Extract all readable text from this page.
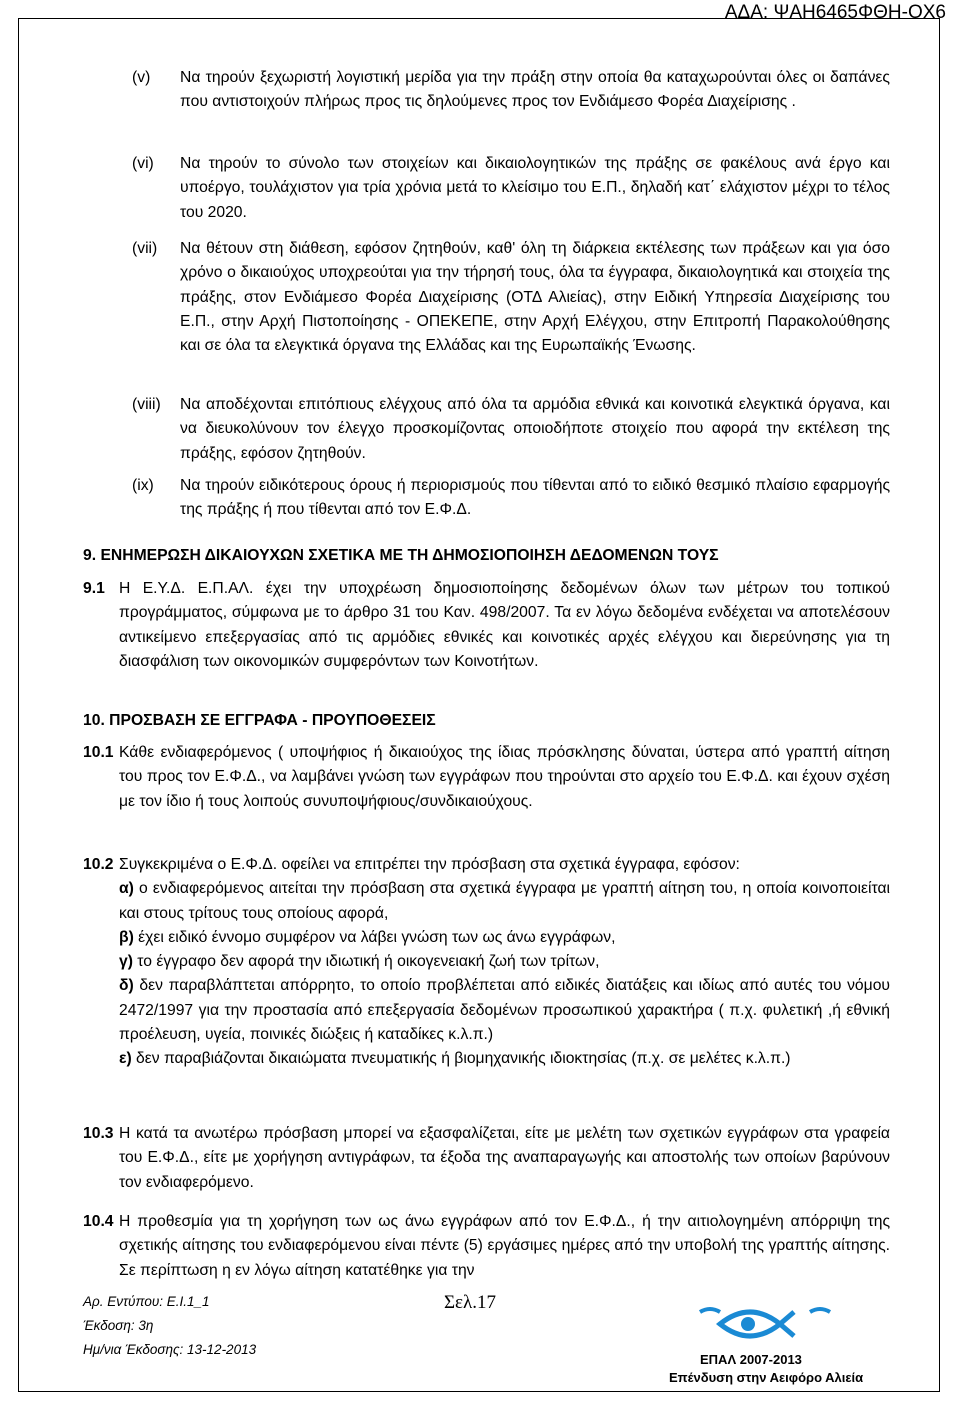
ΑΔΑ: ΨΑΗ6465ΦΘΗ-ΟΧ6

(v)	Να τηρούν ξεχωριστή λογιστική μερίδα για την πράξη στην οποία θα καταχωρούνται όλες οι δαπάνες που αντιστοιχούν πλήρως προς τις δηλούμενες προς τον Ενδιάμεσο Φορέα Διαχείρισης .

(vi)	Να τηρούν το σύνολο των στοιχείων και δικαιολογητικών της πράξης σε φακέλους ανά έργο και υποέργο, τουλάχιστον για τρία χρόνια μετά το κλείσιμο του Ε.Π., δηλαδή κατ΄ ελάχιστον μέχρι το τέλος του 2020.

(vii)	Να θέτουν στη διάθεση, εφόσον ζητηθούν, καθ' όλη τη διάρκεια εκτέλεσης των πράξεων και για όσο χρόνο ο δικαιούχος υποχρεούται για την τήρησή τους, όλα τα έγγραφα, δικαιολογητικά και στοιχεία της πράξης, στον Ενδιάμεσο Φορέα Διαχείρισης (ΟΤΔ Αλιείας), στην Ειδική Υπηρεσία Διαχείρισης του Ε.Π., στην Αρχή Πιστοποίησης - ΟΠΕΚΕΠΕ, στην Αρχή Ελέγχου, στην Επιτροπή Παρακολούθησης και σε όλα τα ελεγκτικά όργανα της Ελλάδας και της Ευρωπαϊκής Ένωσης.

(viii)	Να αποδέχονται επιτόπιους ελέγχους από όλα τα αρμόδια εθνικά και κοινοτικά ελεγκτικά όργανα, και να διευκολύνουν τον έλεγχο προσκομίζοντας οποιοδήποτε στοιχείο που αφορά την εκτέλεση της πράξης, εφόσον ζητηθούν.

(ix)	Να τηρούν ειδικότερους όρους ή περιορισμούς που τίθενται από το ειδικό θεσμικό πλαίσιο εφαρμογής της πράξης ή που τίθενται από τον Ε.Φ.Δ.

9. ΕΝΗΜΕΡΩΣΗ ΔΙΚΑΙΟΥΧΩΝ ΣΧΕΤΙΚΑ ΜΕ ΤΗ ΔΗΜΟΣΙΟΠΟΙΗΣΗ ΔΕΔΟΜΕΝΩΝ ΤΟΥΣ

9.1 Η Ε.Υ.Δ. Ε.Π.ΑΛ. έχει την υποχρέωση δημοσιοποίησης δεδομένων όλων των μέτρων του τοπικού προγράμματος, σύμφωνα με το άρθρο 31 του Καν. 498/2007. Τα εν λόγω δεδομένα ενδέχεται να αποτελέσουν αντικείμενο επεξεργασίας από τις αρμόδιες εθνικές και κοινοτικές αρχές ελέγχου και διερεύνησης για τη διασφάλιση των οικονομικών συμφερόντων των Κοινοτήτων.

10. ΠΡΟΣΒΑΣΗ ΣΕ ΕΓΓΡΑΦΑ - ΠΡΟΥΠΟΘΕΣΕΙΣ

10.1 Κάθε ενδιαφερόμενος ( υποψήφιος ή δικαιούχος της ίδιας πρόσκλησης δύναται, ύστερα από γραπτή αίτηση του προς τον Ε.Φ.Δ., να λαμβάνει γνώση των εγγράφων που τηρούνται στο αρχείο του Ε.Φ.Δ. και έχουν σχέση με τον ίδιο ή τους λοιπούς συνυποψήφιους/συνδικαιούχους.

10.2 Συγκεκριμένα ο Ε.Φ.Δ. οφείλει να επιτρέπει την πρόσβαση στα σχετικά έγγραφα, εφόσον:

α) ο ενδιαφερόμενος αιτείται την πρόσβαση στα σχετικά έγγραφα με γραπτή αίτηση του, η οποία κοινοποιείται και στους τρίτους τους οποίους αφορά,

β) έχει ειδικό έννομο συμφέρον να λάβει γνώση των ως άνω εγγράφων,

γ) το έγγραφο δεν αφορά την ιδιωτική ή οικογενειακή ζωή των τρίτων,

δ) δεν παραβλάπτεται απόρρητο, το οποίο προβλέπεται από ειδικές διατάξεις και ιδίως από αυτές του νόμου 2472/1997 για την προστασία από επεξεργασία δεδομένων προσωπικού χαρακτήρα ( π.χ. φυλετική ,ή εθνική προέλευση, υγεία, ποινικές διώξεις ή καταδίκες κ.λ.π.)

ε) δεν παραβιάζονται δικαιώματα πνευματικής ή βιομηχανικής ιδιοκτησίας (π.χ. σε μελέτες κ.λ.π.)

10.3 Η κατά τα ανωτέρω πρόσβαση μπορεί να εξασφαλίζεται, είτε με μελέτη των σχετικών εγγράφων στα γραφεία του Ε.Φ.Δ., είτε με χορήγηση αντιγράφων, τα έξοδα της αναπαραγωγής και αποστολής των οποίων βαρύνουν τον ενδιαφερόμενο.

10.4 Η προθεσμία για τη χορήγηση των ως άνω εγγράφων από τον Ε.Φ.Δ., ή την αιτιολογημένη απόρριψη της σχετικής αίτησης του ενδιαφερόμενου είναι πέντε (5) εργάσιμες ημέρες από την υποβολή της γραπτής αίτησης. Σε περίπτωση η εν λόγω αίτηση κατατέθηκε για την

Αρ. Εντύπου: Ε.Ι.1_1
Έκδοση: 3η
Ημ/νια Έκδοσης: 13-12-2013
Σελ.17
ΕΠΑΛ 2007-2013
Επένδυση στην Αειφόρο Αλιεία
